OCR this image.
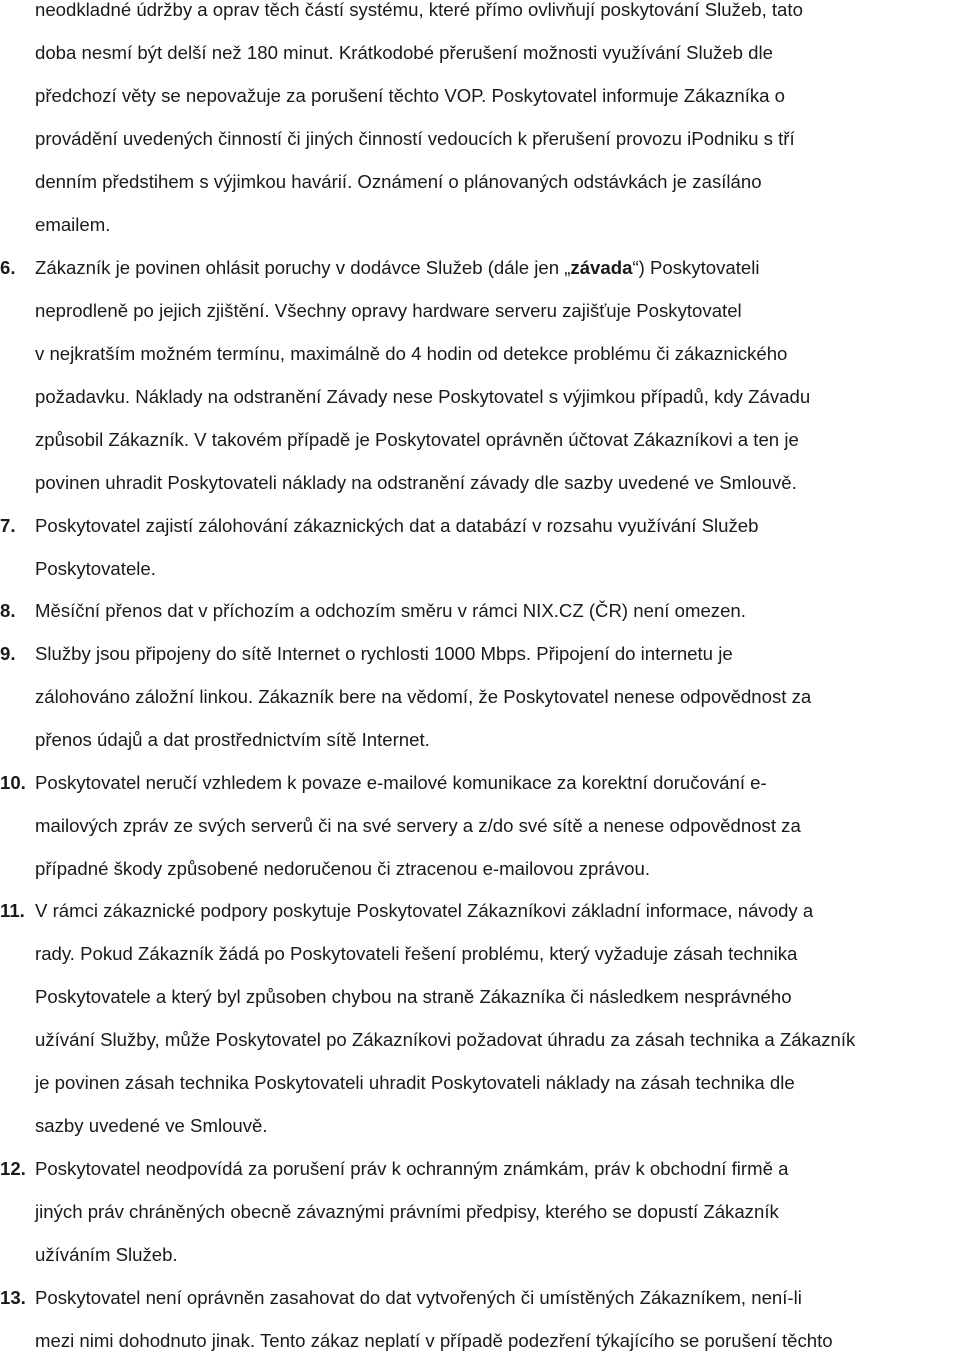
neodkladné údržby a oprav těch částí systému, které přímo ovlivňují poskytování Služeb, tato
doba nesmí být delší než 180 minut. Krátkodobé přerušení možnosti využívání Služeb dle
předchozí věty se nepovažuje za porušení těchto VOP. Poskytovatel informuje Zákazníka o
provádění uvedených činností či jiných činností vedoucích k přerušení provozu iPodniku s tří
denním předstihem s výjimkou havárií. Oznámení o plánovaných odstávkách je zasíláno
emailem.
6. Zákazník je povinen ohlásit poruchy v dodávce Služeb (dále jen „závada“) Poskytovateli
neprodleně po jejich zjištění. Všechny opravy hardware serveru zajišťuje Poskytovatel
v nejkratším možném termínu, maximálně do 4 hodin od detekce problému či zákaznického
požadavku. Náklady na odstranění Závady nese Poskytovatel s výjimkou případů, kdy Závadu
způsobil Zákazník. V takovém případě je Poskytovatel oprávněn účtovat Zákazníkovi a ten je
povinen uhradit Poskytovateli náklady na odstranění závady dle sazby uvedené ve Smlouvě.
7. Poskytovatel zajistí zálohování zákaznických dat a databází v rozsahu využívání Služeb
Poskytovatele.
8. Měsíční přenos dat v příchozím a odchozím směru v rámci NIX.CZ (ČR) není omezen.
9. Služby jsou připojeny do sítě Internet o rychlosti 1000 Mbps. Připojení do internetu je
zálohováno záložní linkou. Zákazník bere na vědomí, že Poskytovatel nenese odpovědnost za
přenos údajů a dat prostřednictvím sítě Internet.
10. Poskytovatel neručí vzhledem k povaze e-mailové komunikace za korektní doručování e-
mailových zpráv ze svých serverů či na své servery a z/do své sítě a nenese odpovědnost za
případné škody způsobené nedoručenou či ztracenou e-mailovou zprávou.
11. V rámci zákaznické podpory poskytuje Poskytovatel Zákazníkovi základní informace, návody a
rady. Pokud Zákazník žádá po Poskytovateli řešení problému, který vyžaduje zásah technika
Poskytovatele a který byl způsoben chybou na straně Zákazníka či následkem nesprávného
užívání Služby, může Poskytovatel po Zákazníkovi požadovat úhradu za zásah technika a Zákazník
je povinen zásah technika Poskytovateli uhradit Poskytovateli náklady na zásah technika dle
sazby uvedené ve Smlouvě.
12. Poskytovatel neodpovídá za porušení práv k ochranným známkám, práv k obchodní firmě a
jiných práv chráněných obecně závaznými právními předpisy, kterého se dopustí Zákazník
užíváním Služeb.
13. Poskytovatel není oprávněn zasahovat do dat vytvořených či umístěných Zákazníkem, není-li
mezi nimi dohodnuto jinak. Tento zákaz neplatí v případě podezření týkajícího se porušení těchto
